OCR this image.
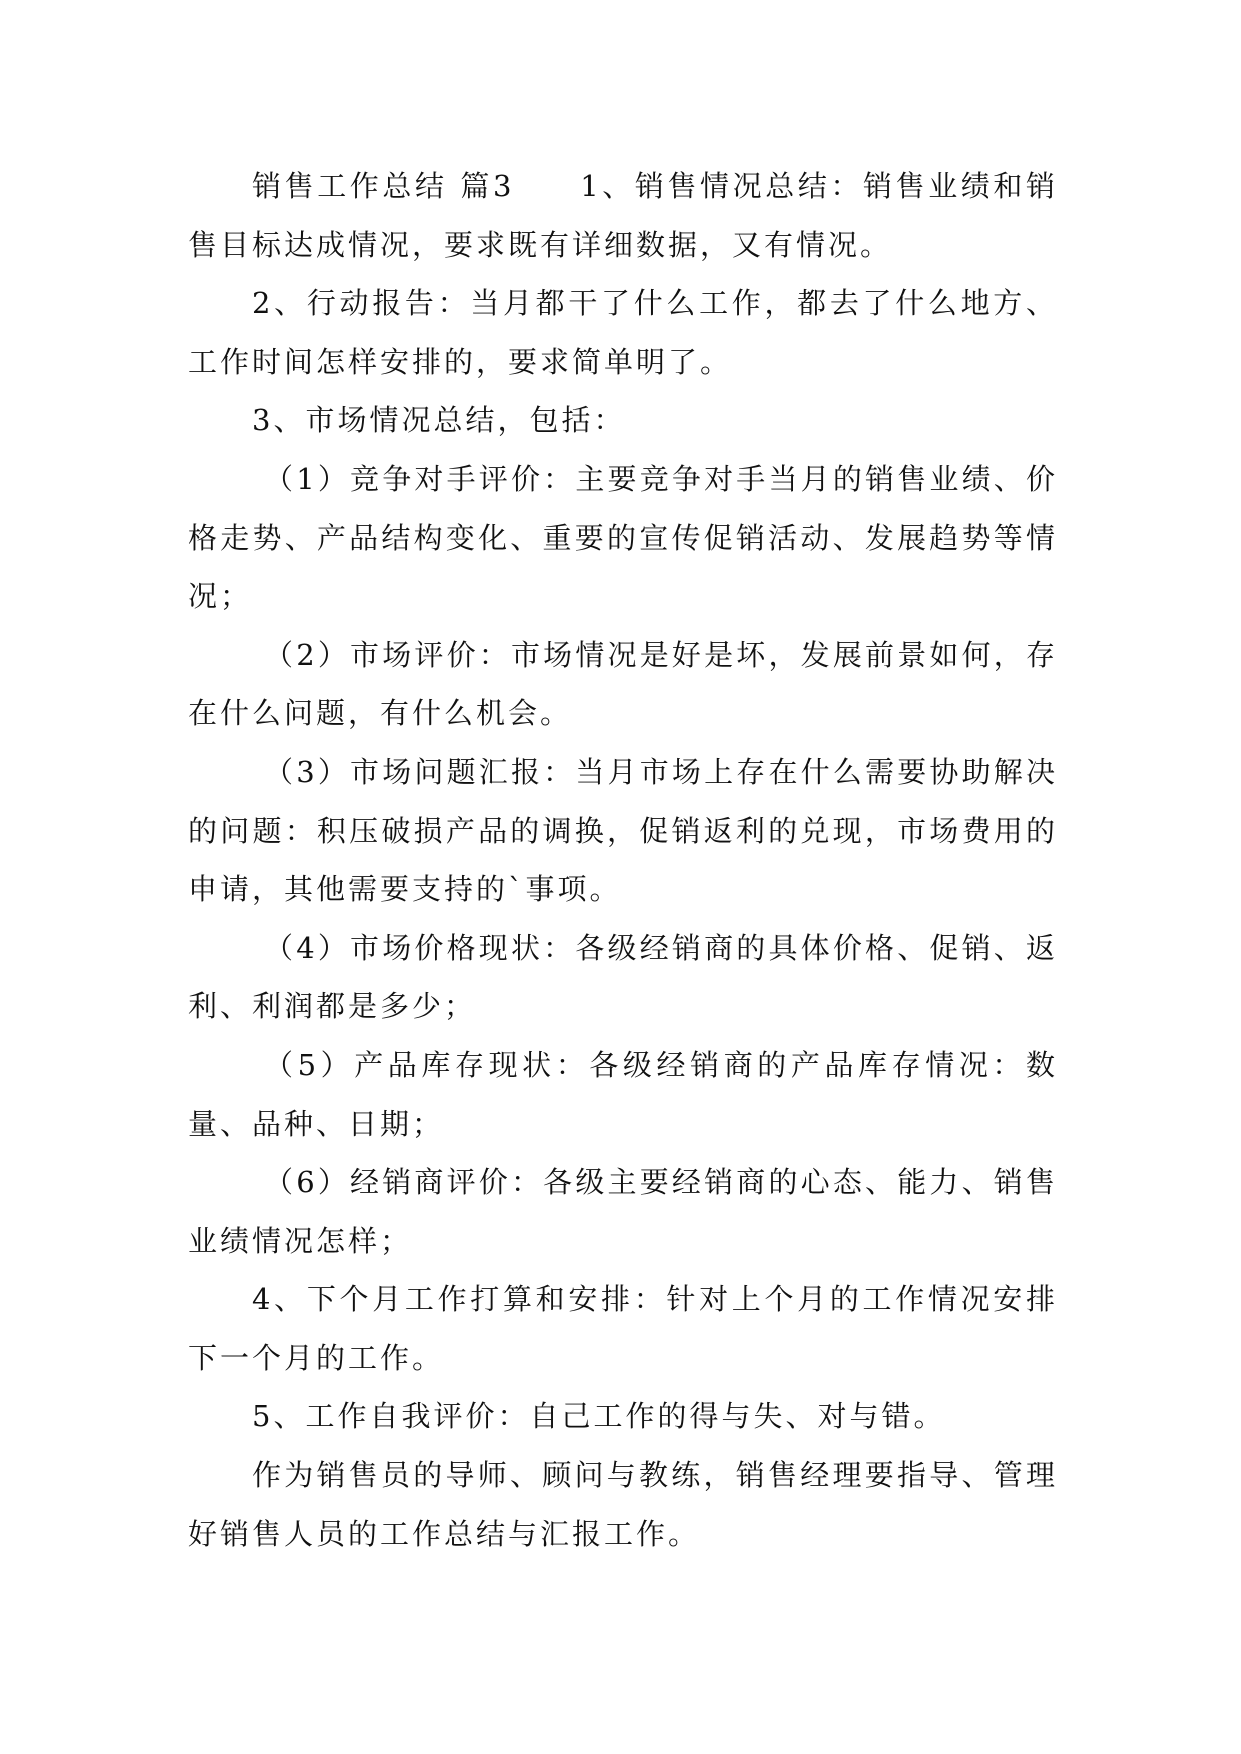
销售工作总结 篇3　　1、销售情况总结：销售业绩和销售目标达成情况，要求既有详细数据，又有情况。

2、行动报告：当月都干了什么工作，都去了什么地方、工作时间怎样安排的，要求简单明了。

3、市场情况总结，包括：

（1）竞争对手评价：主要竞争对手当月的销售业绩、价格走势、产品结构变化、重要的宣传促销活动、发展趋势等情况；

（2）市场评价：市场情况是好是坏，发展前景如何，存在什么问题，有什么机会。

（3）市场问题汇报：当月市场上存在什么需要协助解决的问题：积压破损产品的调换，促销返利的兑现，市场费用的申请，其他需要支持的`事项。

（4）市场价格现状：各级经销商的具体价格、促销、返利、利润都是多少；

（5）产品库存现状：各级经销商的产品库存情况：数量、品种、日期；

（6）经销商评价：各级主要经销商的心态、能力、销售业绩情况怎样；

4、下个月工作打算和安排：针对上个月的工作情况安排下一个月的工作。

5、工作自我评价：自己工作的得与失、对与错。

作为销售员的导师、顾问与教练，销售经理要指导、管理好销售人员的工作总结与汇报工作。
